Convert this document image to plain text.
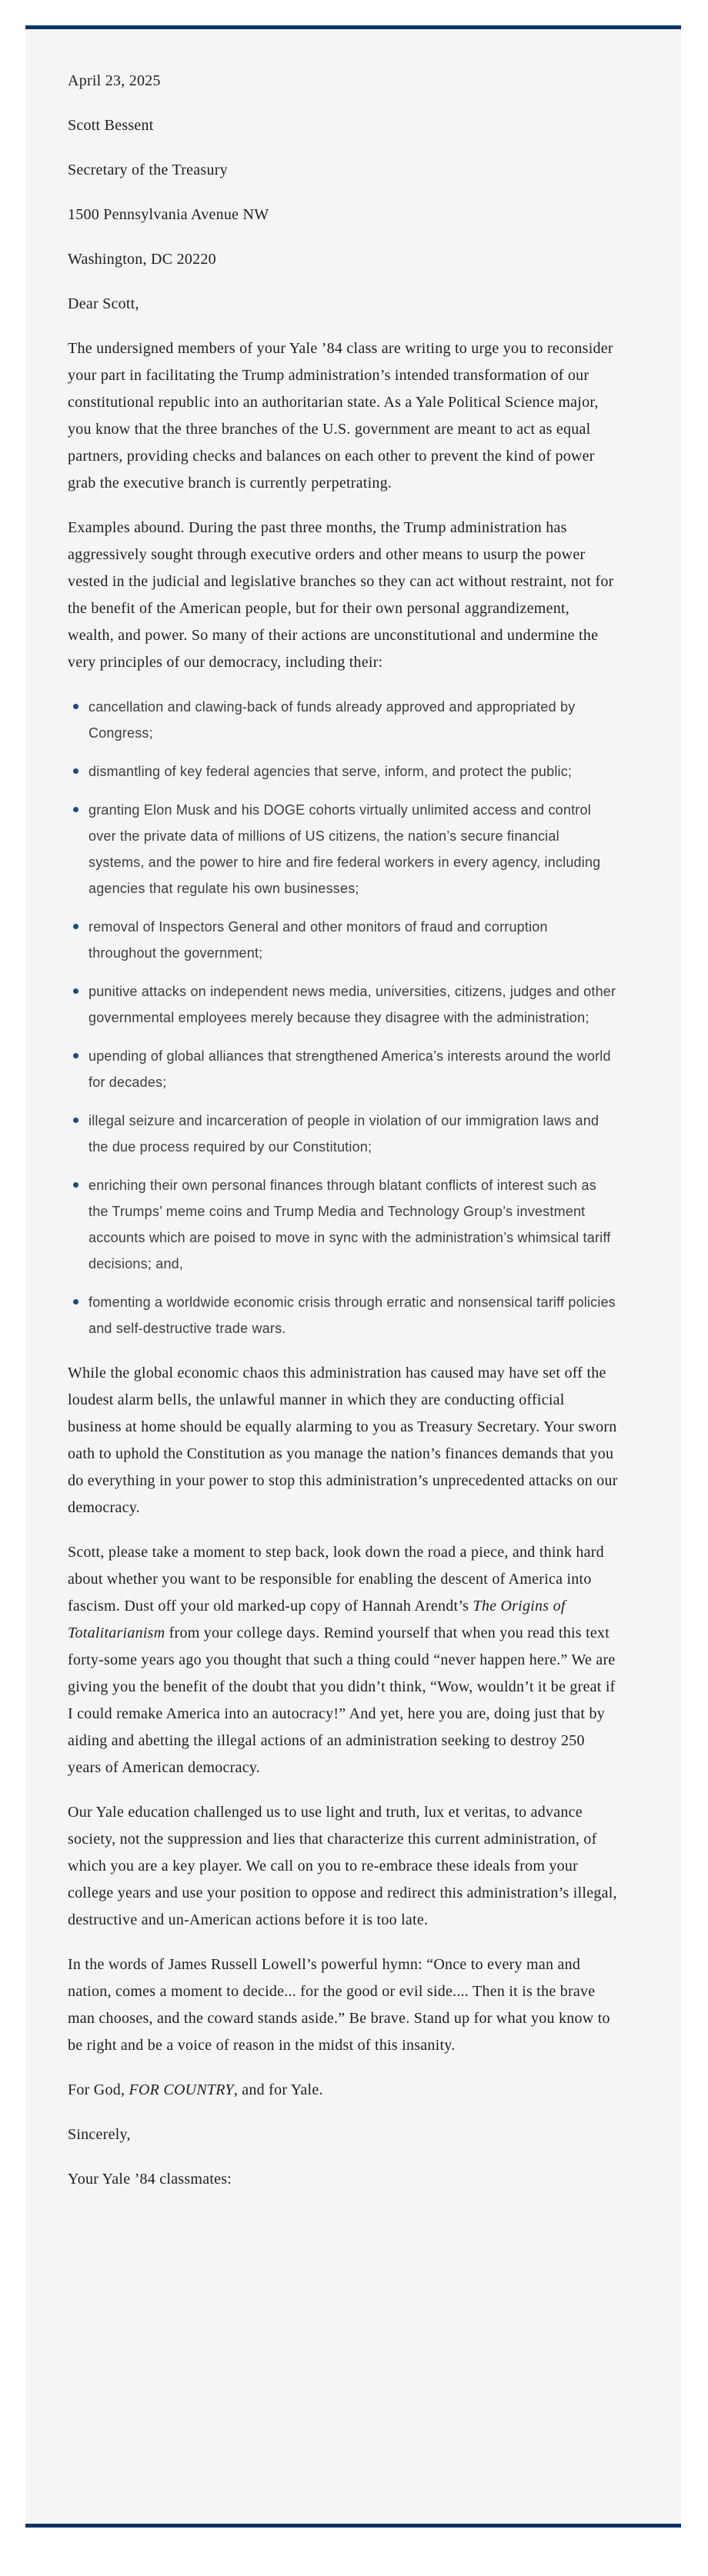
April 23, 2025

Scott Bessent

Secretary of the Treasury

1500 Pennsylvania Avenue NW

Washington, DC 20220

Dear Scott,

The undersigned members of your Yale ’84 class are writing to urge you to reconsider your part in facilitating the Trump administration’s intended transformation of our constitutional republic into an authoritarian state. As a Yale Political Science major, you know that the three branches of the U.S. government are meant to act as equal partners, providing checks and balances on each other to prevent the kind of power grab the executive branch is currently perpetrating.

Examples abound. During the past three months, the Trump administration has aggressively sought through executive orders and other means to usurp the power vested in the judicial and legislative branches so they can act without restraint, not for the benefit of the American people, but for their own personal aggrandizement, wealth, and power. So many of their actions are unconstitutional and undermine the very principles of our democracy, including their:

cancellation and clawing-back of funds already approved and appropriated by Congress;
dismantling of key federal agencies that serve, inform, and protect the public;
granting Elon Musk and his DOGE cohorts virtually unlimited access and control over the private data of millions of US citizens, the nation’s secure financial systems, and the power to hire and fire federal workers in every agency, including agencies that regulate his own businesses;
removal of Inspectors General and other monitors of fraud and corruption throughout the government;
punitive attacks on independent news media, universities, citizens, judges and other governmental employees merely because they disagree with the administration;
upending of global alliances that strengthened America’s interests around the world for decades;
illegal seizure and incarceration of people in violation of our immigration laws and the due process required by our Constitution;
enriching their own personal finances through blatant conflicts of interest such as the Trumps’ meme coins and Trump Media and Technology Group’s investment accounts which are poised to move in sync with the administration’s whimsical tariff decisions; and,
fomenting a worldwide economic crisis through erratic and nonsensical tariff policies and self-destructive trade wars.

While the global economic chaos this administration has caused may have set off the loudest alarm bells, the unlawful manner in which they are conducting official business at home should be equally alarming to you as Treasury Secretary. Your sworn oath to uphold the Constitution as you manage the nation’s finances demands that you do everything in your power to stop this administration’s unprecedented attacks on our democracy.

Scott, please take a moment to step back, look down the road a piece, and think hard about whether you want to be responsible for enabling the descent of America into fascism. Dust off your old marked-up copy of Hannah Arendt’s The Origins of Totalitarianism from your college days. Remind yourself that when you read this text forty-some years ago you thought that such a thing could “never happen here.” We are giving you the benefit of the doubt that you didn’t think, “Wow, wouldn’t it be great if I could remake America into an autocracy!” And yet, here you are, doing just that by aiding and abetting the illegal actions of an administration seeking to destroy 250 years of American democracy.

Our Yale education challenged us to use light and truth, lux et veritas, to advance society, not the suppression and lies that characterize this current administration, of which you are a key player. We call on you to re-embrace these ideals from your college years and use your position to oppose and redirect this administration’s illegal, destructive and un-American actions before it is too late.

In the words of James Russell Lowell’s powerful hymn: “Once to every man and nation, comes a moment to decide... for the good or evil side.... Then it is the brave man chooses, and the coward stands aside.” Be brave. Stand up for what you know to be right and be a voice of reason in the midst of this insanity.

For God, FOR COUNTRY, and for Yale.

Sincerely,

Your Yale ’84 classmates:
